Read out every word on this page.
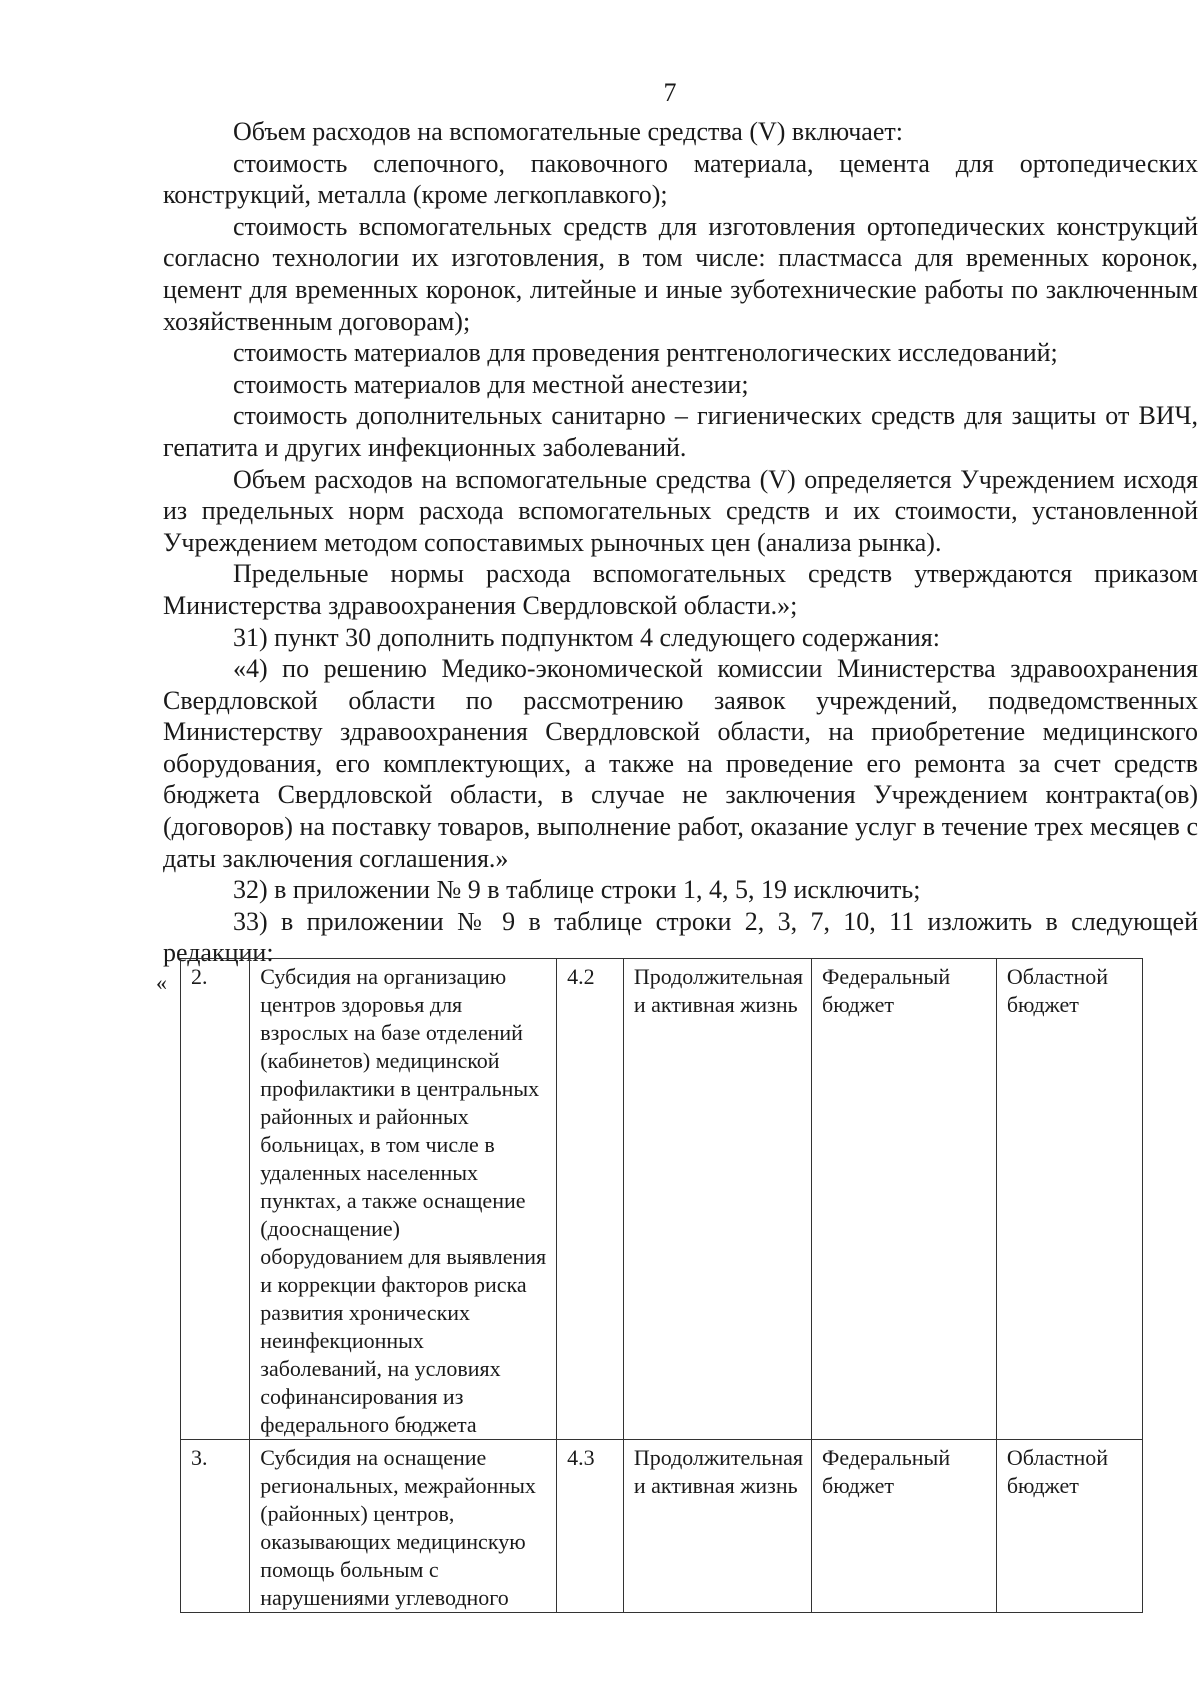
7

Объем расходов на вспомогательные средства (V) включает:

стоимость слепочного, паковочного материала, цемента для ортопедических конструкций, металла (кроме легкоплавкого);

стоимость вспомогательных средств для изготовления ортопедических конструкций согласно технологии их изготовления, в том числе: пластмасса для временных коронок, цемент для временных коронок, литейные и иные зуботехнические работы по заключенным хозяйственным договорам);

стоимость материалов для проведения рентгенологических исследований;

стоимость материалов для местной анестезии;

стоимость дополнительных санитарно – гигиенических средств для защиты от ВИЧ, гепатита и других инфекционных заболеваний.

Объем расходов на вспомогательные средства (V) определяется Учреждением исходя из предельных норм расхода вспомогательных средств и их стоимости, установленной Учреждением методом сопоставимых рыночных цен (анализа рынка).

Предельные нормы расхода вспомогательных средств утверждаются приказом Министерства здравоохранения Свердловской области.»;

31) пункт 30 дополнить подпунктом 4 следующего содержания:

«4) по решению Медико-экономической комиссии Министерства здравоохранения Свердловской области по рассмотрению заявок учреждений, подведомственных Министерству здравоохранения Свердловской области, на приобретение медицинского оборудования, его комплектующих, а также на проведение его ремонта за счет средств бюджета Свердловской области, в случае не заключения Учреждением контракта(ов) (договоров) на поставку товаров, выполнение работ, оказание услуг в течение трех месяцев с даты заключения соглашения.»

32) в приложении № 9 в таблице строки 1, 4, 5, 19 исключить;

33) в приложении № 9 в таблице строки 2, 3, 7, 10, 11 изложить в следующей редакции:

« 2.	Субсидия на организацию центров здоровья для взрослых на базе отделений (кабинетов) медицинской профилактики в центральных районных и районных больницах, в том числе в удаленных населенных пунктах, а также оснащение (дооснащение) оборудованием для выявления и коррекции факторов риска развития хронических неинфекционных заболеваний, на условиях софинансирования из федерального бюджета	4.2	Продолжительная и активная жизнь	Федеральный бюджет	Областной бюджет
3.	Субсидия на оснащение региональных, межрайонных (районных) центров, оказывающих медицинскую помощь больным с нарушениями углеводного	4.3	Продолжительная и активная жизнь	Федеральный бюджет	Областной бюджет
